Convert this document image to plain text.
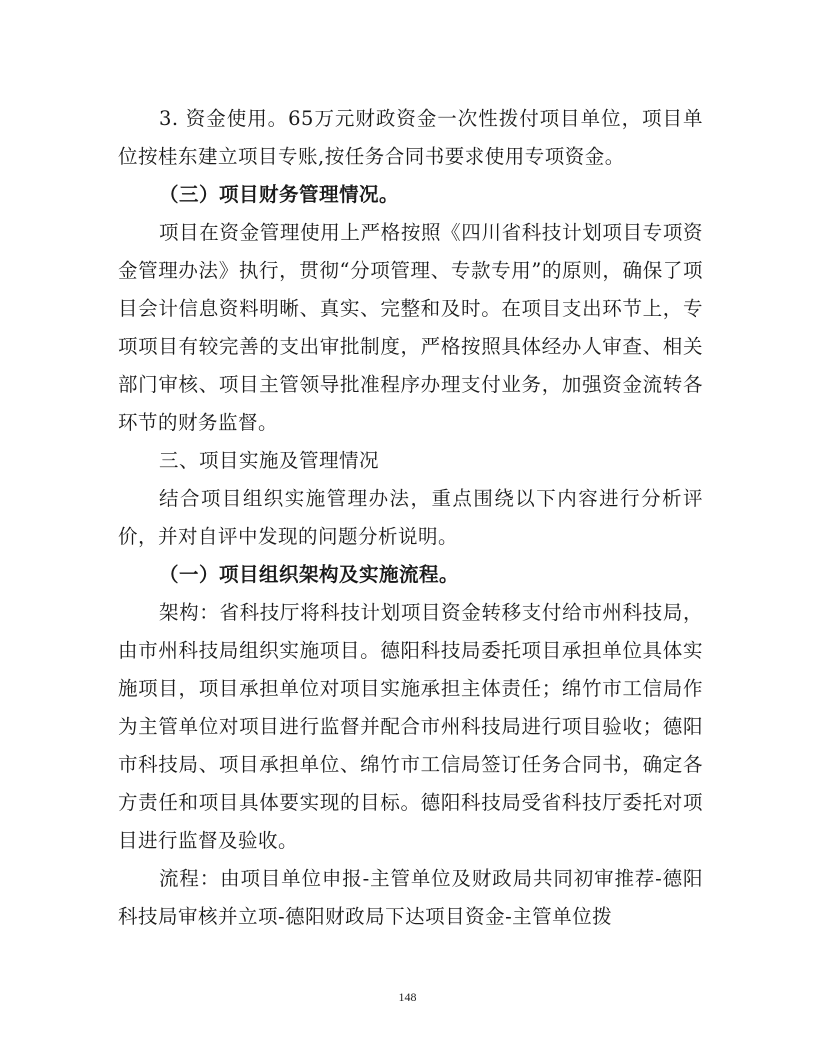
3. 资金使用。65万元财政资金一次性拨付项目单位，项目单位按桂东建立项目专账,按任务合同书要求使用专项资金。

（三）项目财务管理情况。

项目在资金管理使用上严格按照《四川省科技计划项目专项资金管理办法》执行，贯彻“分项管理、专款专用”的原则，确保了项目会计信息资料明晰、真实、完整和及时。在项目支出环节上，专项项目有较完善的支出审批制度，严格按照具体经办人审查、相关部门审核、项目主管领导批准程序办理支付业务，加强资金流转各环节的财务监督。

三、项目实施及管理情况

结合项目组织实施管理办法，重点围绕以下内容进行分析评价，并对自评中发现的问题分析说明。

（一）项目组织架构及实施流程。

架构：省科技厅将科技计划项目资金转移支付给市州科技局，由市州科技局组织实施项目。德阳科技局委托项目承担单位具体实施项目，项目承担单位对项目实施承担主体责任；绵竹市工信局作为主管单位对项目进行监督并配合市州科技局进行项目验收；德阳市科技局、项目承担单位、绵竹市工信局签订任务合同书，确定各方责任和项目具体要实现的目标。德阳科技局受省科技厅委托对项目进行监督及验收。

流程：由项目单位申报-主管单位及财政局共同初审推荐-德阳科技局审核并立项-德阳财政局下达项目资金-主管单位拨

148
